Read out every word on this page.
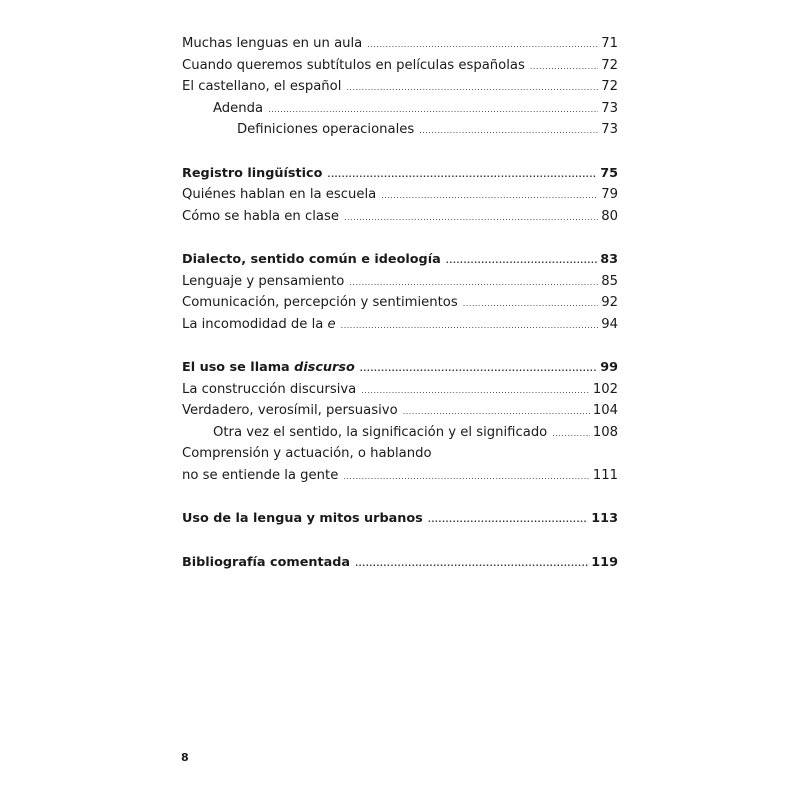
Muchas lenguas en un aula .....	71
Cuando queremos subtítulos en películas españolas .....	72
El castellano, el español .....	72
Adenda .....	73
Definiciones operacionales .....	73
Registro lingüístico .....	75
Quiénes hablan en la escuela .....	79
Cómo se habla en clase .....	80
Dialecto, sentido común e ideología .....	83
Lenguaje y pensamiento .....	85
Comunicación, percepción y sentimientos .....	92
La incomodidad de la e .....	94
El uso se llama discurso .....	99
La construcción discursiva .....	102
Verdadero, verosímil, persuasivo .....	104
Otra vez el sentido, la significación y el significado .....	108
Comprensión y actuación, o hablando
no se entiende la gente .....	111
Uso de la lengua y mitos urbanos .....	113
Bibliografía comentada .....	119
8
